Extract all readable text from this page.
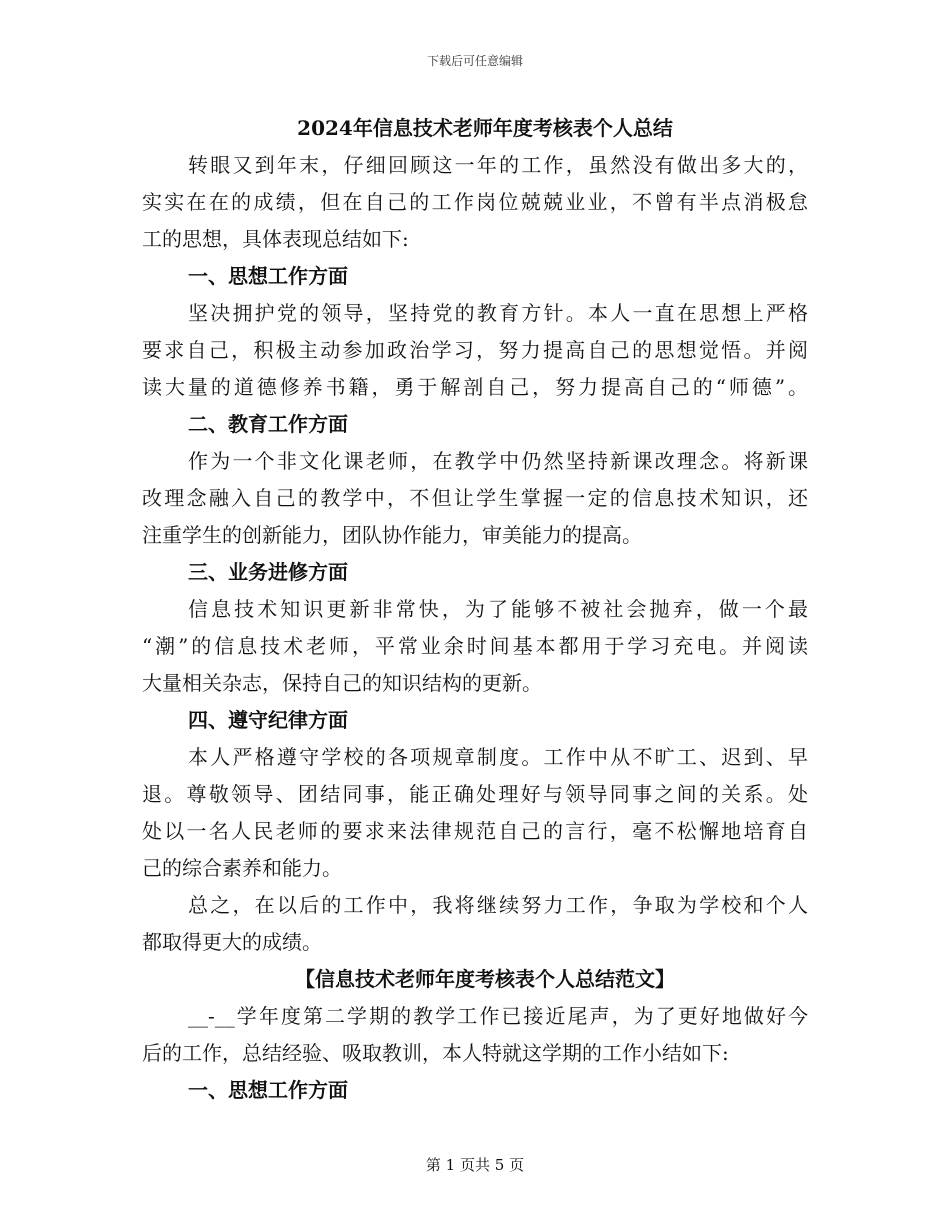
下载后可任意编辑
2024年信息技术老师年度考核表个人总结
转眼又到年末，仔细回顾这一年的工作，虽然没有做出多大的，
实实在在的成绩，但在自己的工作岗位兢兢业业，不曾有半点消极怠
工的思想，具体表现总结如下:
一、思想工作方面
坚决拥护党的领导，坚持党的教育方针。本人一直在思想上严格
要求自己，积极主动参加政治学习，努力提高自己的思想觉悟。并阅
读大量的道德修养书籍，勇于解剖自己，努力提高自己的“师德”。
二、教育工作方面
作为一个非文化课老师，在教学中仍然坚持新课改理念。将新课
改理念融入自己的教学中，不但让学生掌握一定的信息技术知识，还
注重学生的创新能力，团队协作能力，审美能力的提高。
三、业务进修方面
信息技术知识更新非常快，为了能够不被社会抛弃，做一个最
“潮”的信息技术老师，平常业余时间基本都用于学习充电。并阅读
大量相关杂志，保持自己的知识结构的更新。
四、遵守纪律方面
本人严格遵守学校的各项规章制度。工作中从不旷工、迟到、早
退。尊敬领导、团结同事，能正确处理好与领导同事之间的关系。处
处以一名人民老师的要求来法律规范自己的言行，毫不松懈地培育自
己的综合素养和能力。
总之，在以后的工作中，我将继续努力工作，争取为学校和个人
都取得更大的成绩。
【信息技术老师年度考核表个人总结范文】
__-__学年度第二学期的教学工作已接近尾声，为了更好地做好今
后的工作，总结经验、吸取教训，本人特就这学期的工作小结如下:
一、思想工作方面
第 1 页共 5 页
